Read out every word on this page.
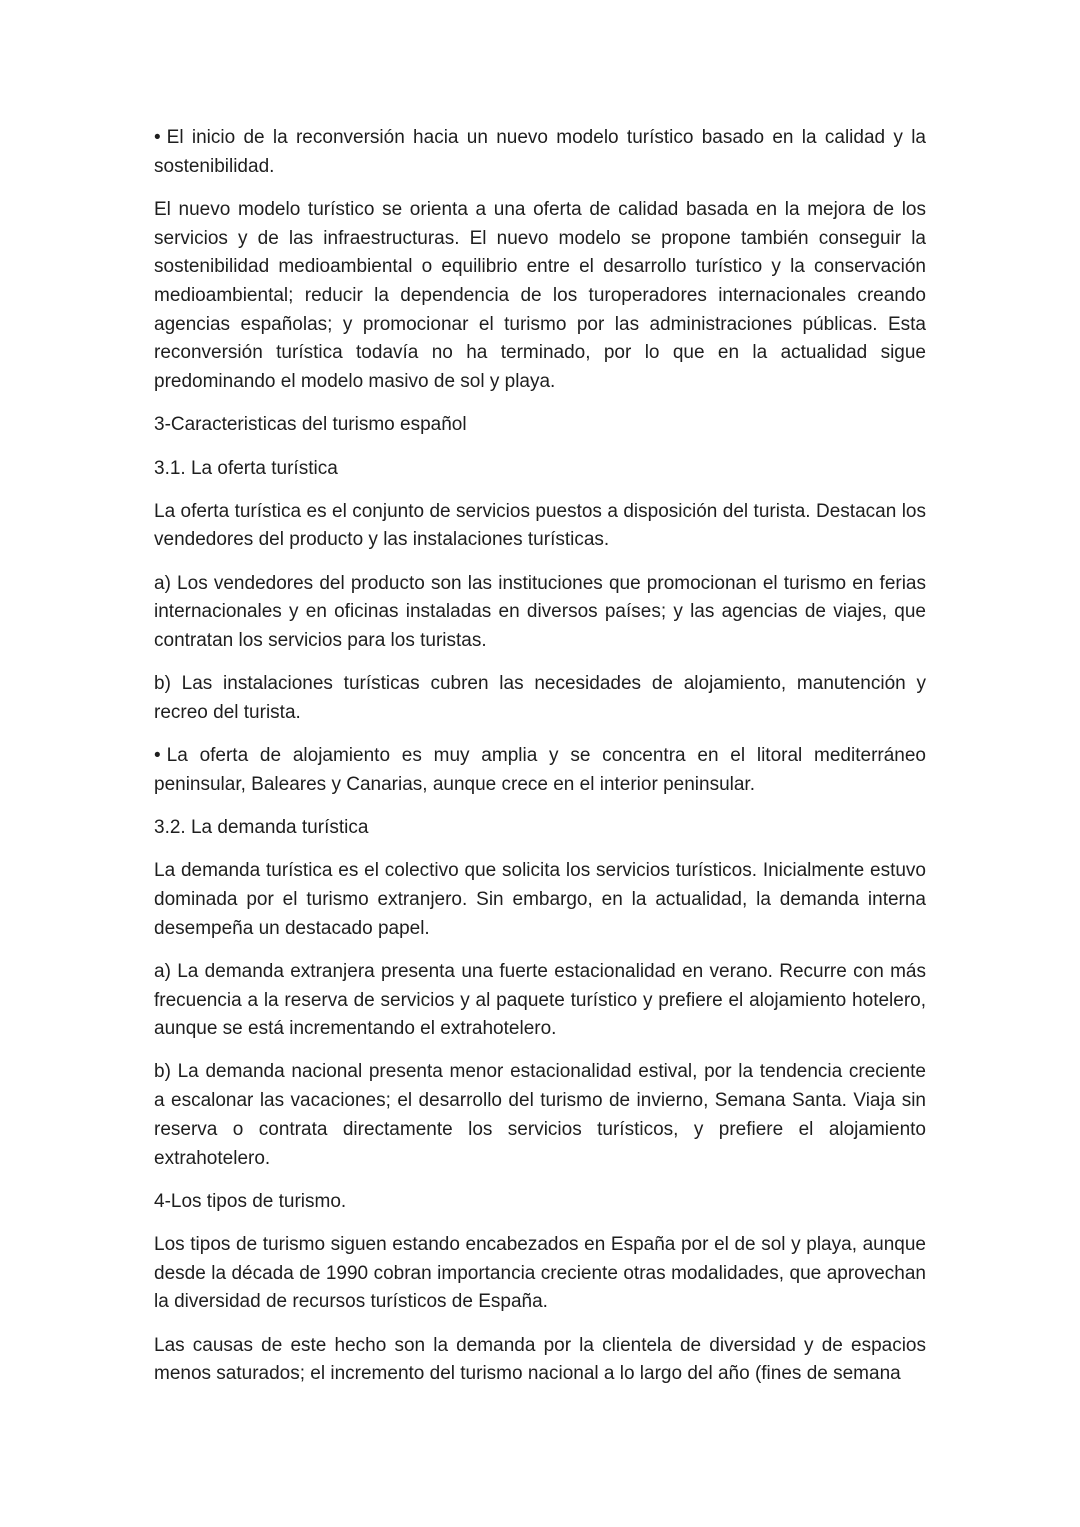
• El inicio de la reconversión hacia un nuevo modelo turístico basado en la calidad y la sostenibilidad.

El nuevo modelo turístico se orienta a una oferta de calidad basada en la mejora de los servicios y de las infraestructuras. El nuevo modelo se propone también conseguir la sostenibilidad medioambiental o equilibrio entre el desarrollo turístico y la conservación medioambiental; reducir la dependencia de los turoperadores internacionales creando agencias españolas; y promocionar el turismo por las administraciones públicas. Esta reconversión turística todavía no ha terminado, por lo que en la actualidad sigue predominando el modelo masivo de sol y playa.

3-Caracteristicas del turismo español

3.1. La oferta turística

La oferta turística es el conjunto de servicios puestos a disposición del turista. Destacan los vendedores del producto y las instalaciones turísticas.

a) Los vendedores del producto son las instituciones que promocionan el turismo en ferias internacionales y en oficinas instaladas en diversos países; y las agencias de viajes, que contratan los servicios para los turistas.

b) Las instalaciones turísticas cubren las necesidades de alojamiento, manutención y recreo del turista.

• La oferta de alojamiento es muy amplia y se concentra en el litoral mediterráneo peninsular, Baleares y Canarias, aunque crece en el interior peninsular.

3.2. La demanda turística

La demanda turística es el colectivo que solicita los servicios turísticos. Inicialmente estuvo dominada por el turismo extranjero. Sin embargo, en la actualidad, la demanda interna desempeña un destacado papel.

a) La demanda extranjera presenta una fuerte estacionalidad en verano. Recurre con más frecuencia a la reserva de servicios y al paquete turístico y prefiere el alojamiento hotelero, aunque se está incrementando el extrahotelero.

b) La demanda nacional presenta menor estacionalidad estival, por la tendencia creciente a escalonar las vacaciones; el desarrollo del turismo de invierno, Semana Santa. Viaja sin reserva o contrata directamente los servicios turísticos, y prefiere el alojamiento extrahotelero.

4-Los tipos de turismo.

Los tipos de turismo siguen estando encabezados en España por el de sol y playa, aunque desde la década de 1990 cobran importancia creciente otras modalidades, que aprovechan la diversidad de recursos turísticos de España.

Las causas de este hecho son la demanda por la clientela de diversidad y de espacios menos saturados; el incremento del turismo nacional a lo largo del año (fines de semana
